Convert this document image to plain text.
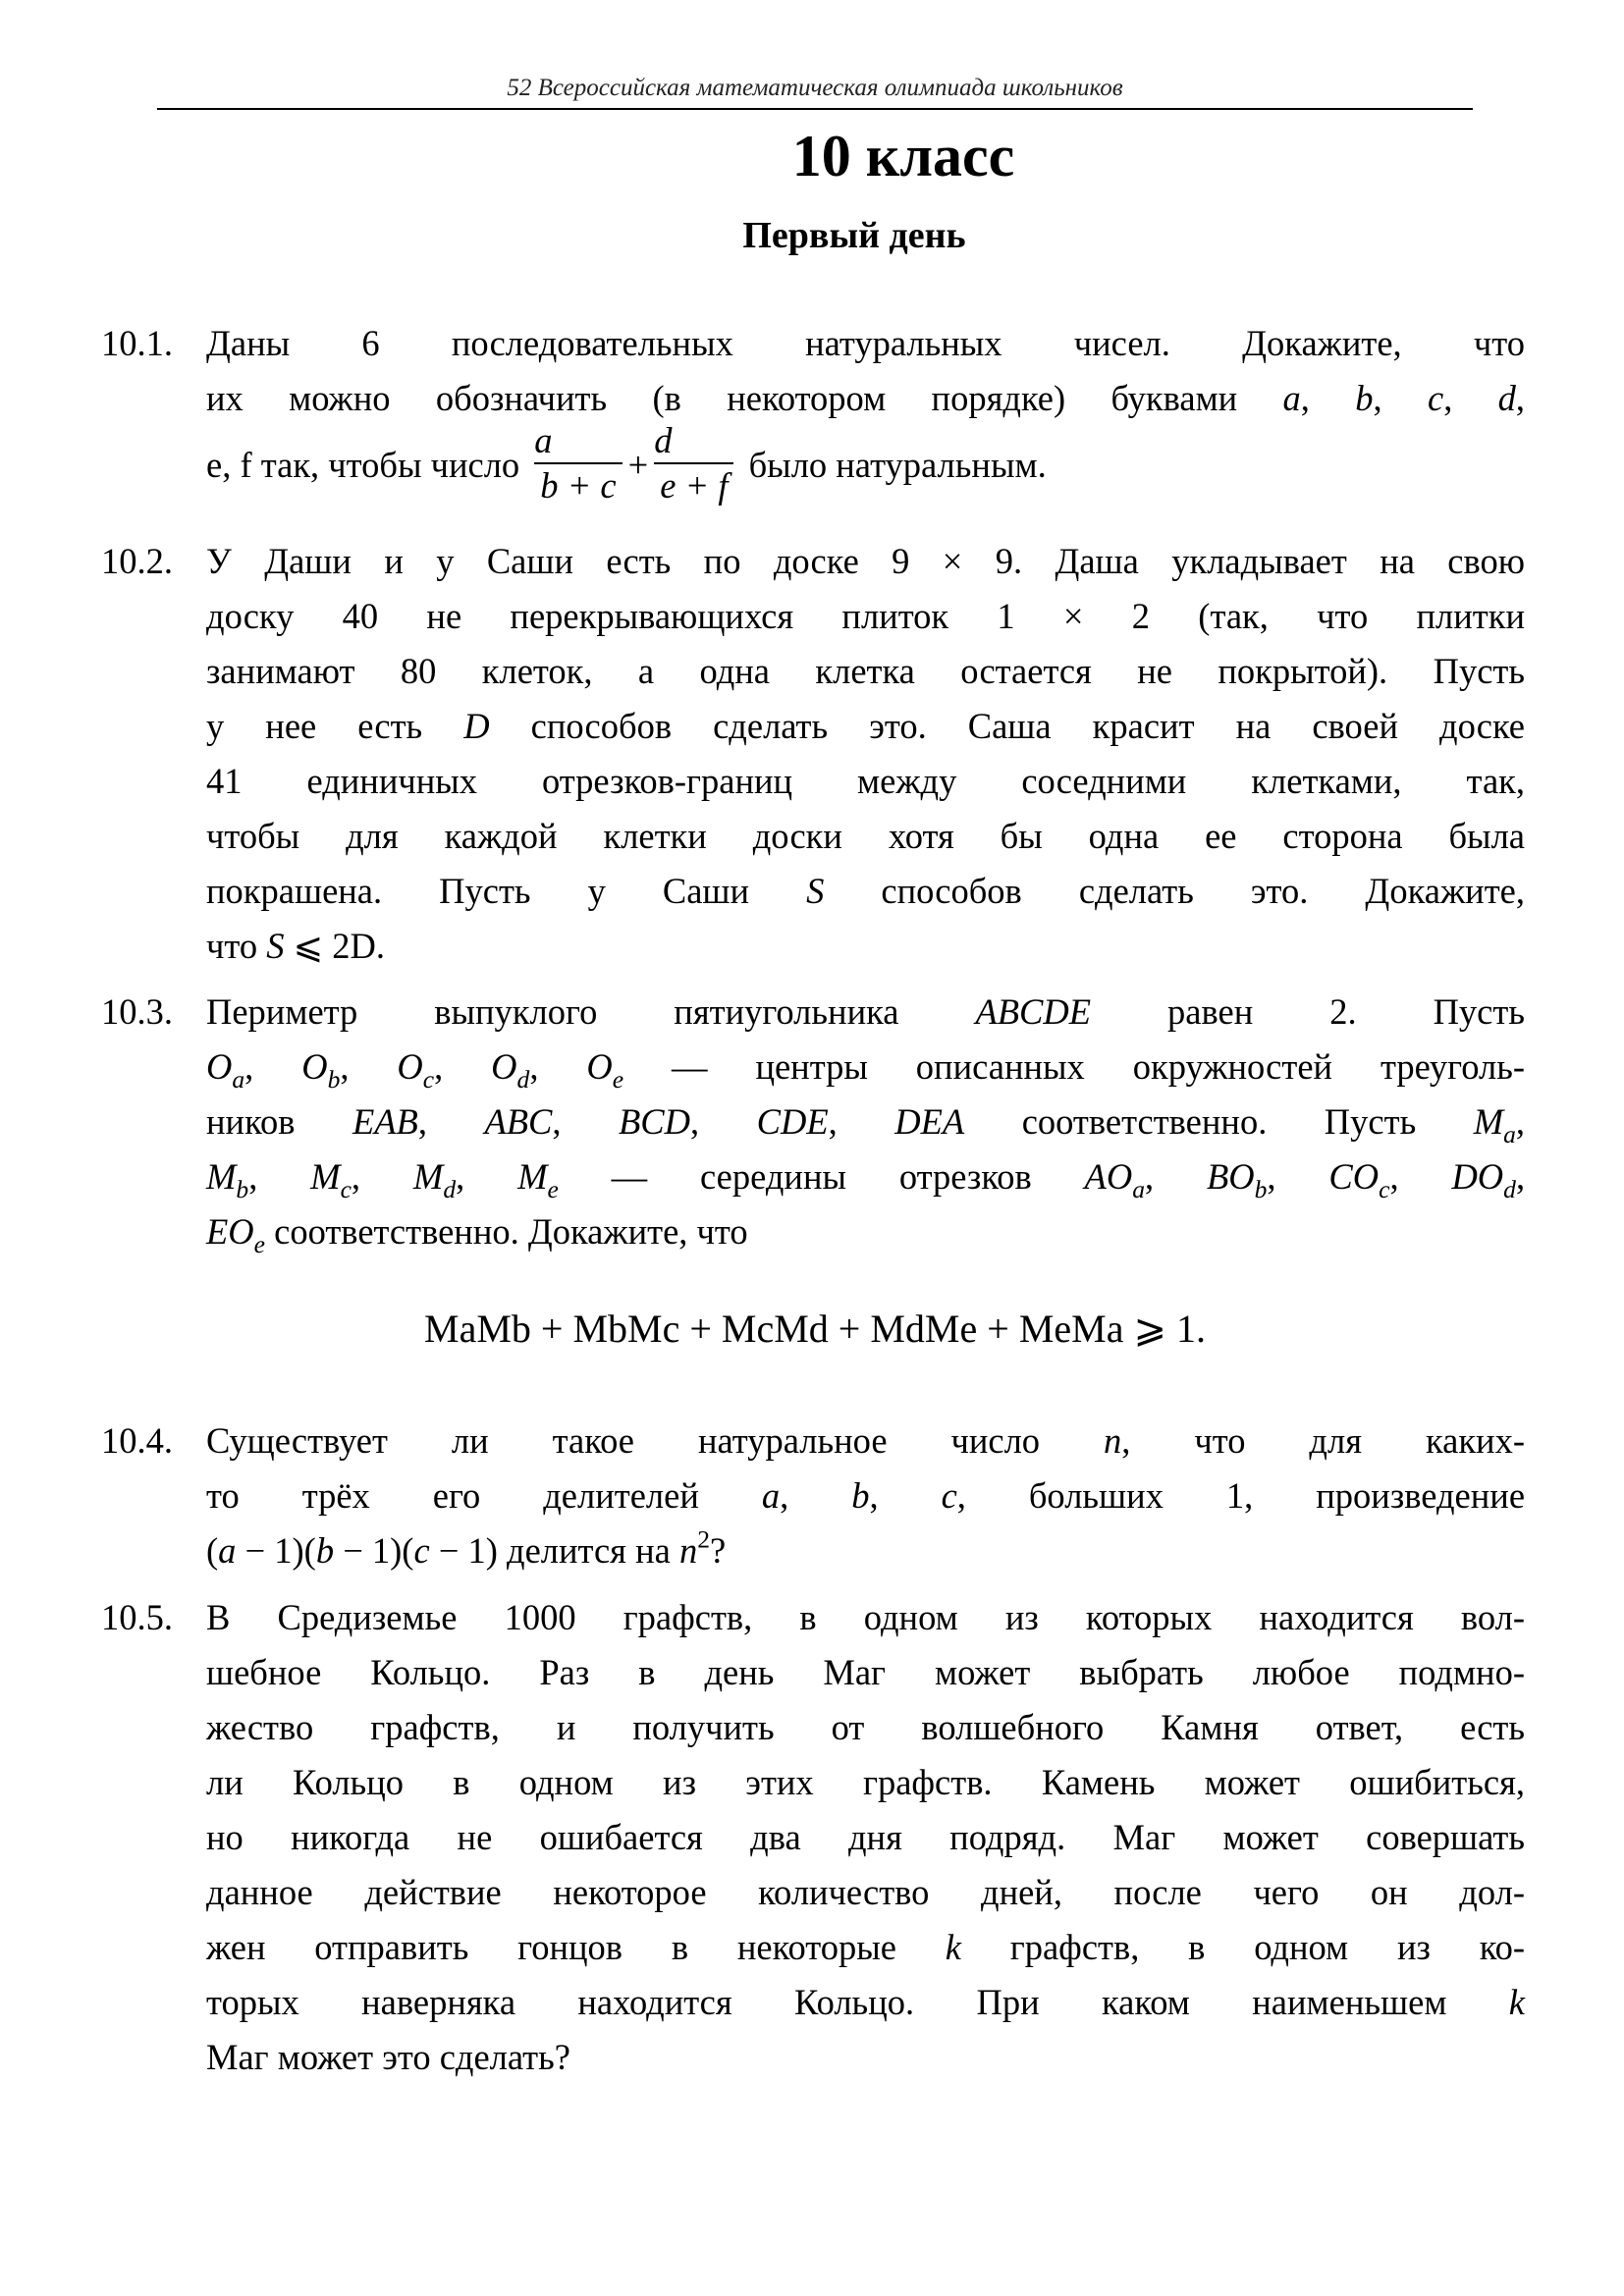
52 Всероссийская математическая олимпиада школьников
10 класс
Первый день
10.1. Даны 6 последовательных натуральных чисел. Докажите, что
их можно обозначить (в некотором порядке) буквами a, b, c, d,
e, f так, чтобы число $\frac{a}{b + c} + \frac{d}{e + f}$ было натуральным.
10.2. У Даши и у Саши есть по доске 9 × 9. Даша укладывает на свою
доску 40 не перекрывающихся плиток 1 × 2 (так, что плитки
занимают 80 клеток, а одна клетка остается не покрытой). Пусть
у нее есть D способов сделать это. Саша красит на своей доске
41 единичных отрезков-границ между соседними клетками, так,
чтобы для каждой клетки доски хотя бы одна ее сторона была
покрашена. Пусть у Саши S способов сделать это. Докажите,
что S ⩽ 2D.
10.3. Периметр выпуклого пятиугольника ABCDE равен 2. Пусть
$O_a$, $O_b$, $O_c$, $O_d$, $O_e$ — центры описанных окружностей треуголь-
ников EAB, ABC, BCD, CDE, DEA соответственно. Пусть $M_a$,
$M_b$, $M_c$, $M_d$, $M_e$ — середины отрезков $AO_a$, $BO_b$, $CO_c$, $DO_d$,
$EO_e$ соответственно. Докажите, что
MaMb + MbMc + McMd + MdMe + MeMa ⩾ 1.
10.4. Существует ли такое натуральное число n, что для каких-
то трёх его делителей a, b, c, больших 1, произведение
(a − 1)(b − 1)(c − 1) делится на $n^2$?
10.5. В Средиземье 1000 графств, в одном из которых находится вол-
шебное Кольцо. Раз в день Маг может выбрать любое подмно-
жество графств, и получить от волшебного Камня ответ, есть
ли Кольцо в одном из этих графств. Камень может ошибиться,
но никогда не ошибается два дня подряд. Маг может совершать
данное действие некоторое количество дней, после чего он дол-
жен отправить гонцов в некоторые k графств, в одном из ко-
торых наверняка находится Кольцо. При каком наименьшем k
Маг может это сделать?
